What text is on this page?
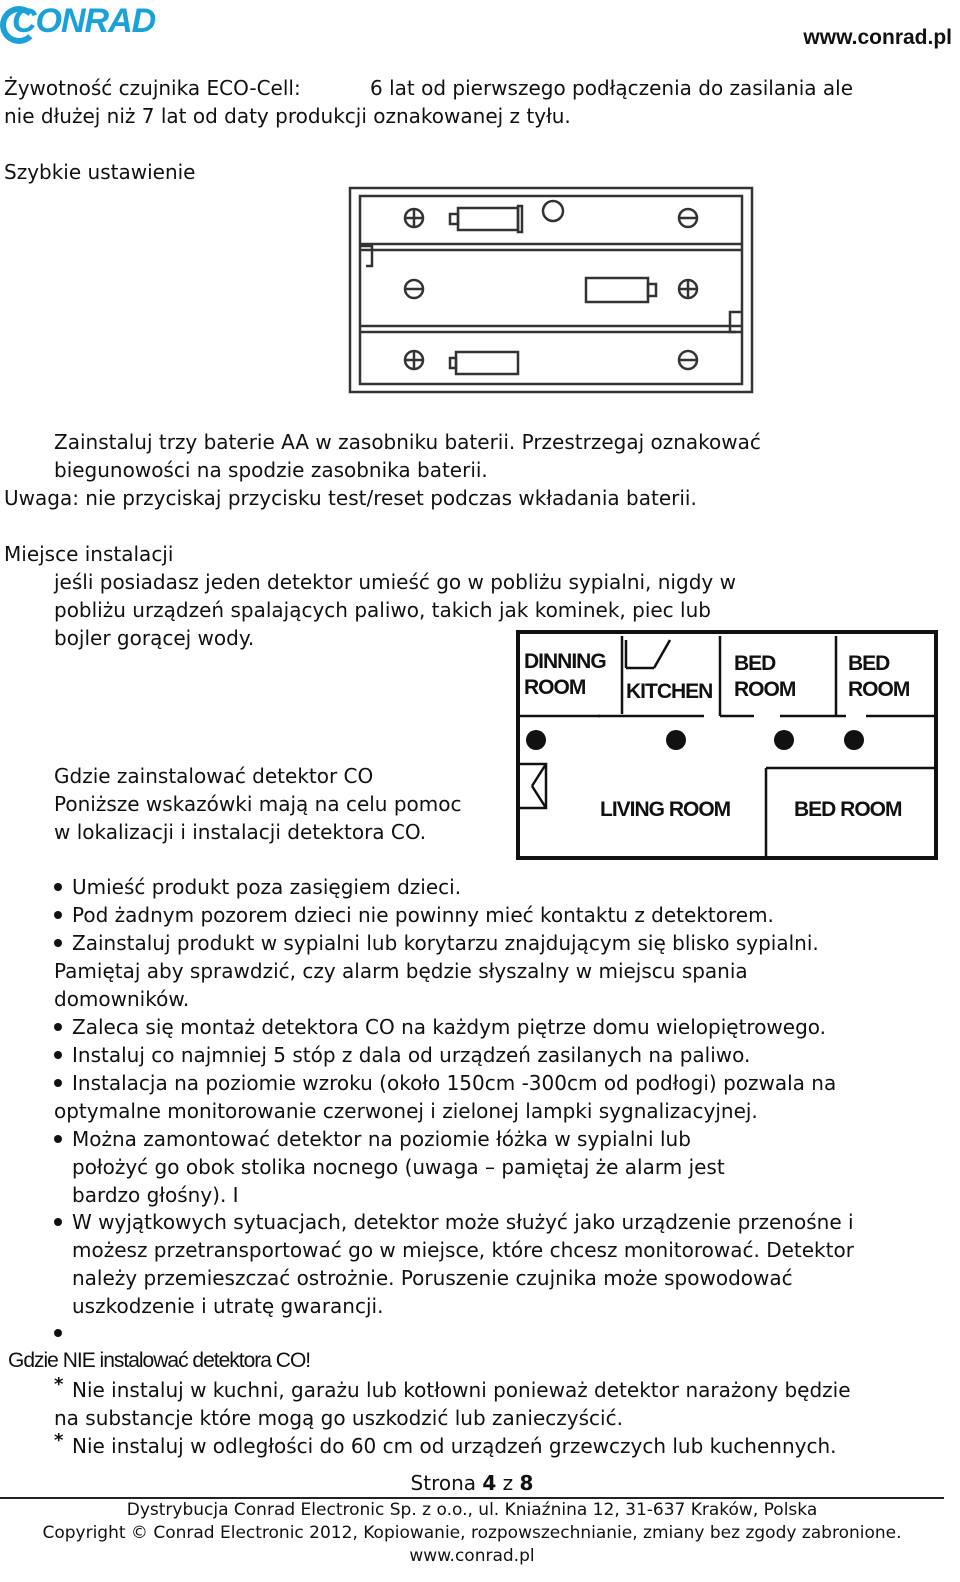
CONRAD	www.conrad.pl
Żywotność czujnika ECO-Cell:	6 lat od pierwszego podłączenia do zasilania ale
nie dłużej niż 7 lat od daty produkcji oznakowanej z tyłu.
Szybkie ustawienie
Zainstaluj trzy baterie AA w zasobniku baterii. Przestrzegaj oznakować
biegunowości na spodzie zasobnika baterii.
Uwaga: nie przyciskaj przycisku test/reset podczas wkładania baterii.
Miejsce instalacji
jeśli posiadasz jeden detektor umieść go w pobliżu sypialni, nigdy w
pobliżu urządzeń spalających paliwo, takich jak kominek, piec lub
bojler gorącej wody.
DINNING
ROOM KITCHEN
BED
ROOM
BED
ROOM
LIVING ROOM	BED ROOM
Gdzie zainstalować detektor CO
Poniższe wskazówki mają na celu pomoc
w lokalizacji i instalacji detektora CO.
Umieść produkt poza zasięgiem dzieci.
Pod żadnym pozorem dzieci nie powinny mieć kontaktu z detektorem.
Zainstaluj produkt w sypialni lub korytarzu znajdującym się blisko sypialni.
Pamiętaj aby sprawdzić, czy alarm będzie słyszalny w miejscu spania
domowników.
Zaleca się montaż detektora CO na każdym piętrze domu wielopiętrowego.
Instaluj co najmniej 5 stóp z dala od urządzeń zasilanych na paliwo.
Instalacja na poziomie wzroku (około 150cm -300cm od podłogi) pozwala na
optymalne monitorowanie czerwonej i zielonej lampki sygnalizacyjnej.
Można zamontować detektor na poziomie łóżka w sypialni lub
położyć go obok stolika nocnego (uwaga – pamiętaj że alarm jest
bardzo głośny). I
W wyjątkowych sytuacjach, detektor może służyć jako urządzenie przenośne i
możesz przetransportować go w miejsce, które chcesz monitorować. Detektor
należy przemieszczać ostrożnie. Poruszenie czujnika może spowodować
uszkodzenie i utratę gwarancji.
Gdzie NIE instalować detektora CO!
* Nie instaluj w kuchni, garażu lub kotłowni ponieważ detektor narażony będzie
na substancje które mogą go uszkodzić lub zanieczyścić.
* Nie instaluj w odległości do 60 cm od urządzeń grzewczych lub kuchennych.
Strona 4 z 8
Dystrybucja Conrad Electronic Sp. z o.o., ul. Kniaźnina 12, 31-637 Kraków, Polska
Copyright © Conrad Electronic 2012, Kopiowanie, rozpowszechnianie, zmiany bez zgody zabronione.
www.conrad.pl
